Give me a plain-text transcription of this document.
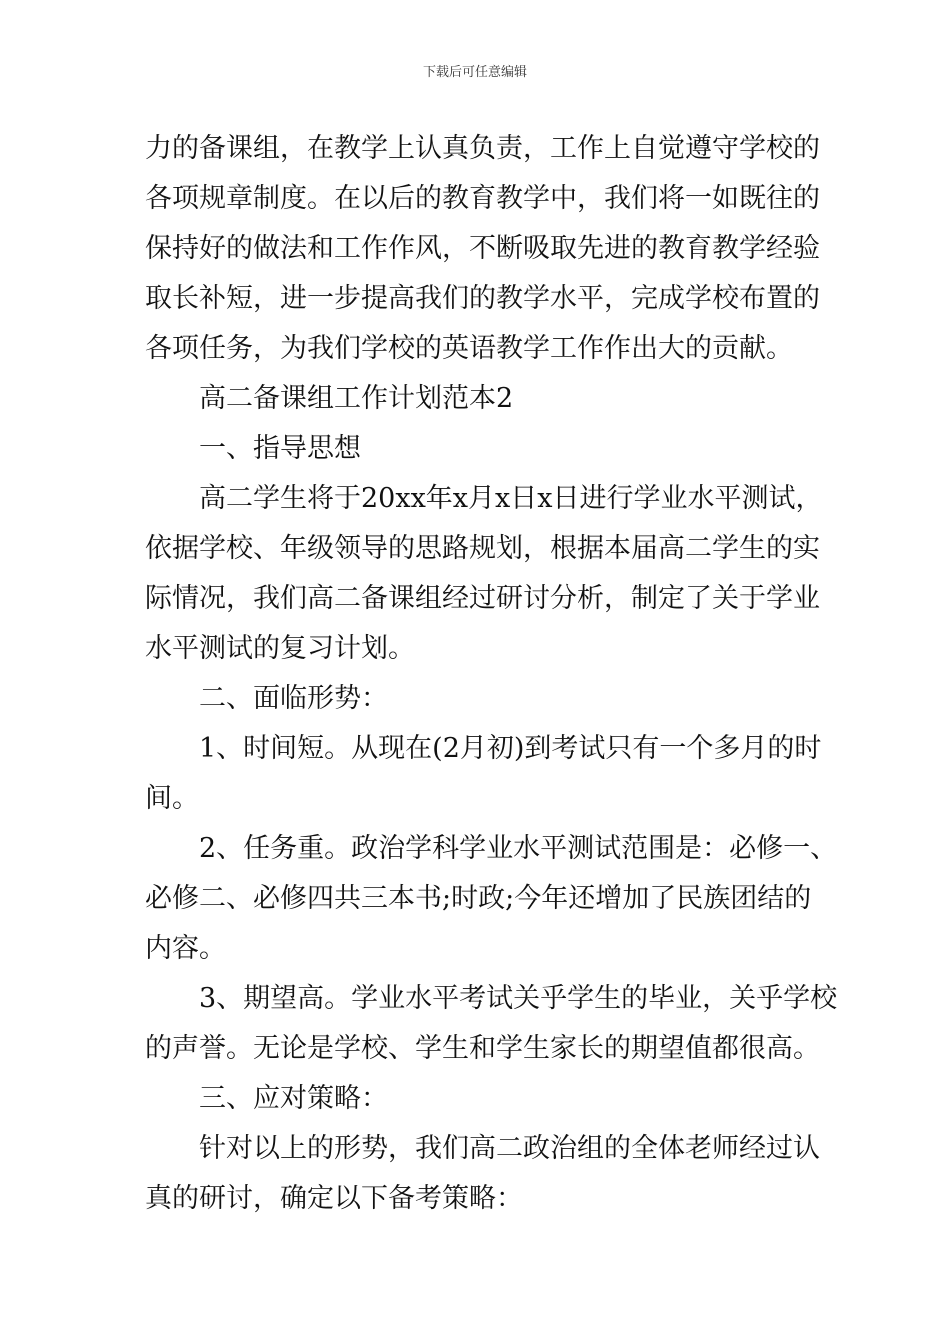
下载后可任意编辑
力的备课组，在教学上认真负责，工作上自觉遵守学校的
各项规章制度。在以后的教育教学中，我们将一如既往的
保持好的做法和工作作风，不断吸取先进的教育教学经验
取长补短，进一步提高我们的教学水平，完成学校布置的
各项任务，为我们学校的英语教学工作作出大的贡献。
高二备课组工作计划范本2
一、指导思想
高二学生将于20xx年x月x日x日进行学业水平测试，
依据学校、年级领导的思路规划，根据本届高二学生的实
际情况，我们高二备课组经过研讨分析，制定了关于学业
水平测试的复习计划。
二、面临形势：
1、时间短。从现在(2月初)到考试只有一个多月的时
间。
2、任务重。政治学科学业水平测试范围是：必修一、
必修二、必修四共三本书;时政;今年还增加了民族团结的
内容。
3、期望高。学业水平考试关乎学生的毕业，关乎学校
的声誉。无论是学校、学生和学生家长的期望值都很高。
三、应对策略：
针对以上的形势，我们高二政治组的全体老师经过认
真的研讨，确定以下备考策略：
